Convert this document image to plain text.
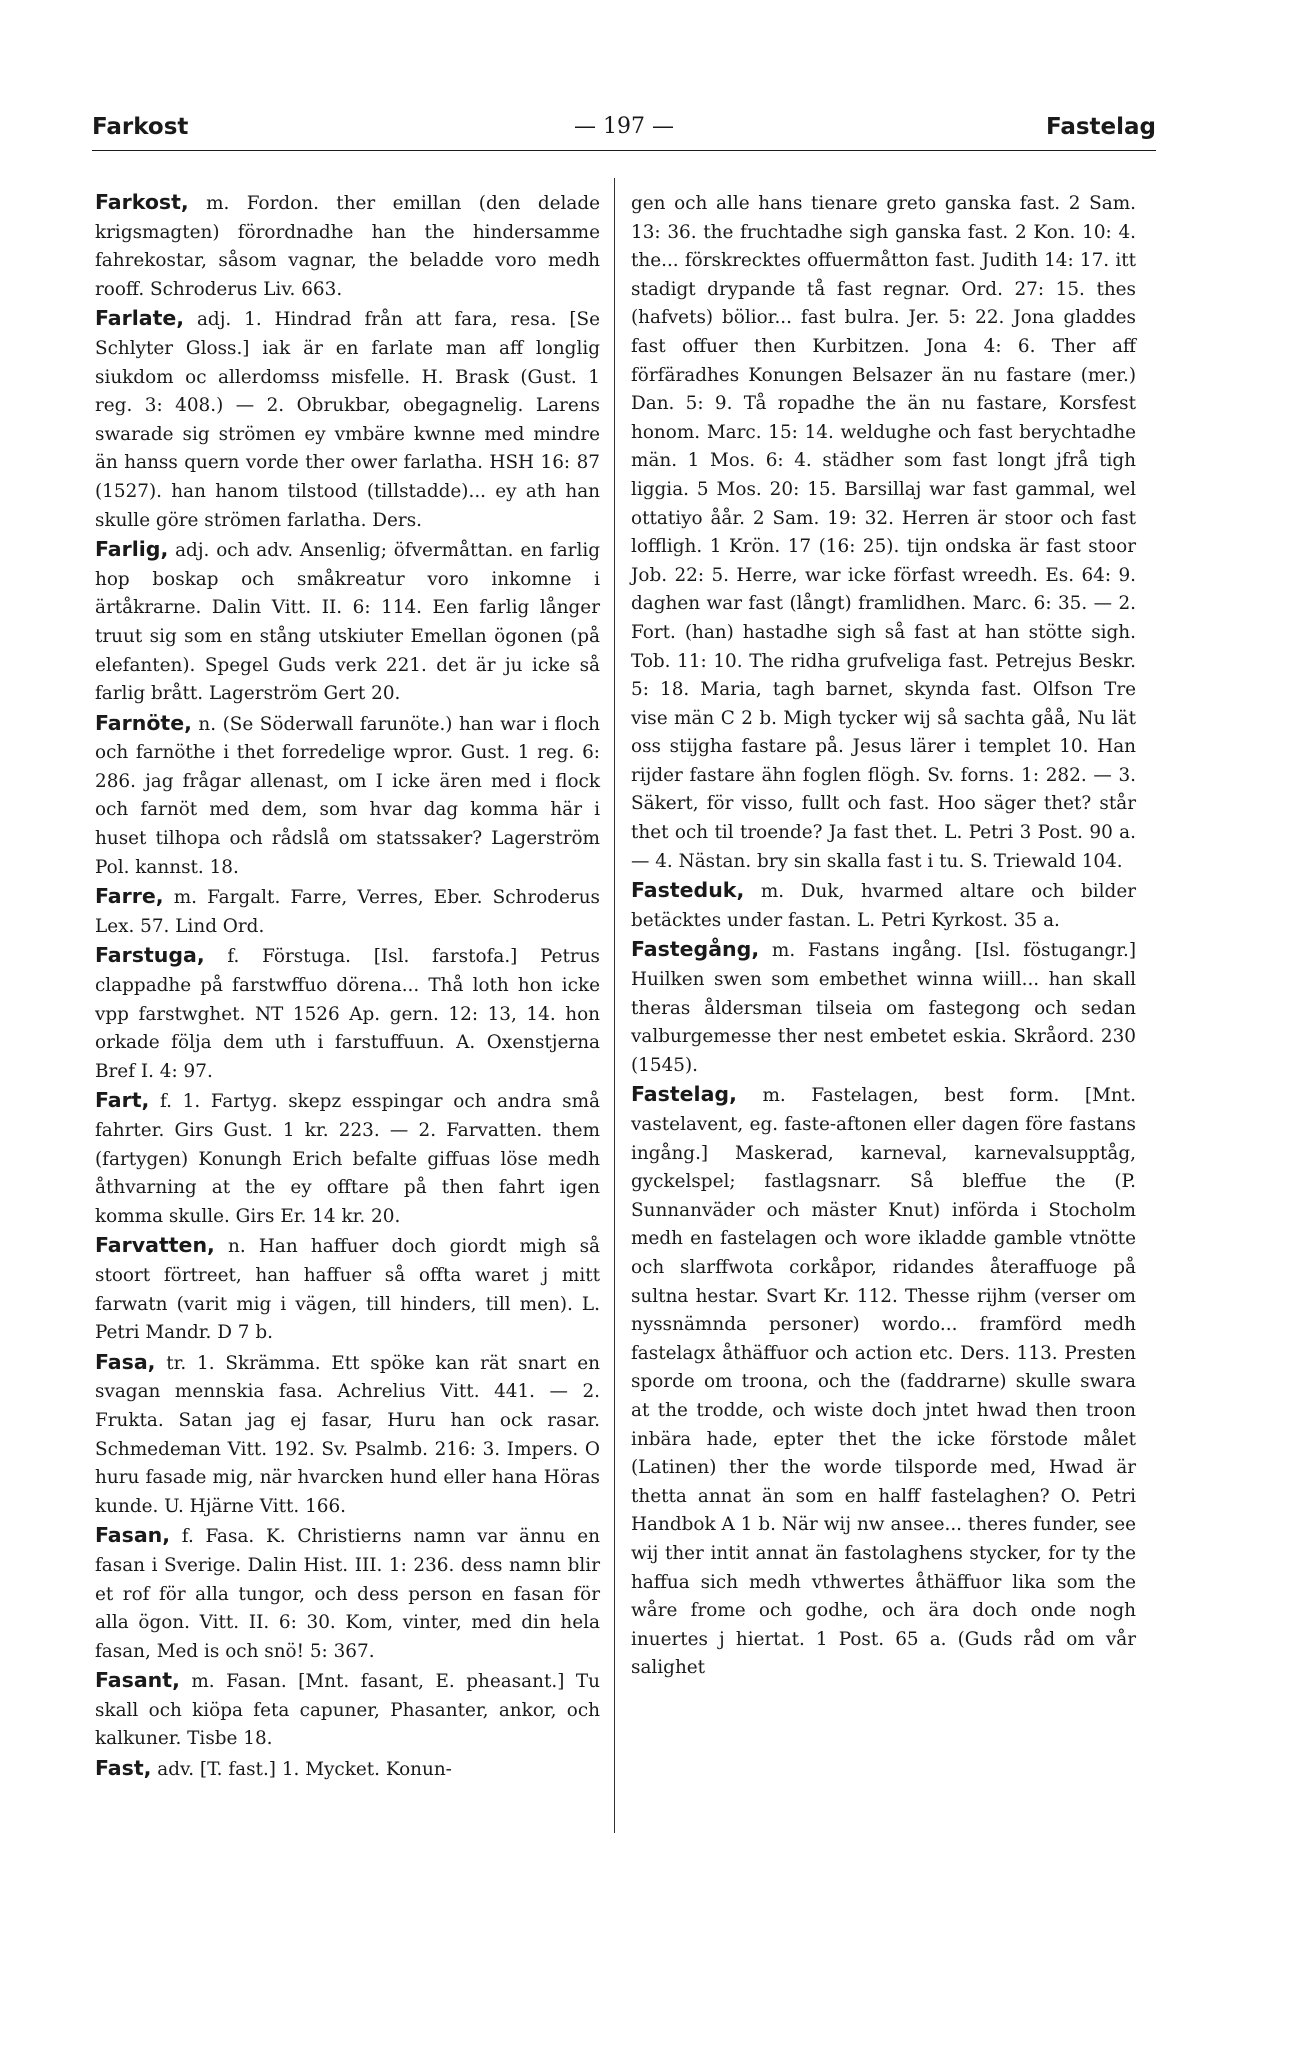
Farkost	— 197 —	Fastelag

Farkost, m. Fordon. ther emillan (den delade krigsmagten) förordnadhe han the hindersamme fahrekostar, såsom vagnar, the beladde voro medh rooff. Schroderus Liv. 663.

Farlate, adj. 1. Hindrad från att fara, resa. [Se Schlyter Gloss.] iak är en farlate man aff longlig siukdom oc allerdomss misfelle. H. Brask (Gust. 1 reg. 3: 408.) — 2. Obrukbar, obegagnelig. Larens swarade sig strömen ey vmbäre kwnne med mindre än hanss quern vorde ther ower farlatha. HSH 16: 87 (1527). han hanom tilstood (tillstadde)... ey ath han skulle göre strömen farlatha. Ders.

Farlig, adj. och adv. Ansenlig; öfvermåttan. en farlig hop boskap och småkreatur voro inkomne i ärtåkrarne. Dalin Vitt. II. 6: 114. Een farlig långer truut sig som en stång utskiuter Emellan ögonen (på elefanten). Spegel Guds verk 221. det är ju icke så farlig brått. Lagerström Gert 20.

Farnöte, n. (Se Söderwall farunöte.) han war i floch och farnöthe i thet forredelige wpror. Gust. 1 reg. 6: 286. jag frågar allenast, om I icke ären med i flock och farnöt med dem, som hvar dag komma här i huset tilhopa och rådslå om statssaker? Lagerström Pol. kannst. 18.

Farre, m. Fargalt. Farre, Verres, Eber. Schroderus Lex. 57. Lind Ord.

Farstuga, f. Förstuga. [Isl. farstofa.] Petrus clappadhe på farstwffuo dörena... Thå loth hon icke vpp farstwghet. NT 1526 Ap. gern. 12: 13, 14. hon orkade följa dem uth i farstuffuun. A. Oxenstjerna Bref I. 4: 97.

Fart, f. 1. Fartyg. skepz esspingar och andra små fahrter. Girs Gust. 1 kr. 223. — 2. Farvatten. them (fartygen) Konungh Erich befalte giffuas löse medh åthvarning at the ey offtare på then fahrt igen komma skulle. Girs Er. 14 kr. 20.

Farvatten, n. Han haffuer doch giordt migh så stoort förtreet, han haffuer så offta waret j mitt farwatn (varit mig i vägen, till hinders, till men). L. Petri Mandr. D 7 b.

Fasa, tr. 1. Skrämma. Ett spöke kan rät snart en svagan mennskia fasa. Achrelius Vitt. 441. — 2. Frukta. Satan jag ej fasar, Huru han ock rasar. Schmedeman Vitt. 192. Sv. Psalmb. 216: 3. Impers. O huru fasade mig, när hvarcken hund eller hana Höras kunde. U. Hjärne Vitt. 166.

Fasan, f. Fasa. K. Christierns namn var ännu en fasan i Sverige. Dalin Hist. III. 1: 236. dess namn blir et rof för alla tungor, och dess person en fasan för alla ögon. Vitt. II. 6: 30. Kom, vinter, med din hela fasan, Med is och snö! 5: 367.

Fasant, m. Fasan. [Mnt. fasant, E. pheasant.] Tu skall och kiöpa feta capuner, Phasanter, ankor, och kalkuner. Tisbe 18.

Fast, adv. [T. fast.] 1. Mycket. Konun-

gen och alle hans tienare greto ganska fast. 2 Sam. 13: 36. the fruchtadhe sigh ganska fast. 2 Kon. 10: 4. the... förskrecktes offuermåtton fast. Judith 14: 17. itt stadigt drypande tå fast regnar. Ord. 27: 15. thes (hafvets) bölior... fast bulra. Jer. 5: 22. Jona gladdes fast offuer then Kurbitzen. Jona 4: 6. Ther aff förfäradhes Konungen Belsazer än nu fastare (mer.) Dan. 5: 9. Tå ropadhe the än nu fastare, Korsfest honom. Marc. 15: 14. weldughe och fast berychtadhe män. 1 Mos. 6: 4. städher som fast longt jfrå tigh liggia. 5 Mos. 20: 15. Barsillaj war fast gammal, wel ottatiyo åår. 2 Sam. 19: 32. Herren är stoor och fast loffligh. 1 Krön. 17 (16: 25). tijn ondska är fast stoor Job. 22: 5. Herre, war icke förfast wreedh. Es. 64: 9. daghen war fast (långt) framlidhen. Marc. 6: 35. — 2. Fort. (han) hastadhe sigh så fast at han stötte sigh. Tob. 11: 10. The ridha grufveliga fast. Petrejus Beskr. 5: 18. Maria, tagh barnet, skynda fast. Olfson Tre vise män C 2 b. Migh tycker wij så sachta gåå, Nu lät oss stijgha fastare på. Jesus lärer i templet 10. Han rijder fastare ähn foglen flögh. Sv. forns. 1: 282. — 3. Säkert, för visso, fullt och fast. Hoo säger thet? står thet och til troende? Ja fast thet. L. Petri 3 Post. 90 a. — 4. Nästan. bry sin skalla fast i tu. S. Triewald 104.

Fasteduk, m. Duk, hvarmed altare och bilder betäcktes under fastan. L. Petri Kyrkost. 35 a.

Fastegång, m. Fastans ingång. [Isl. föstugangr.] Huilken swen som embethet winna wiill... han skall theras åldersman tilseia om fastegong och sedan valburgemesse ther nest embetet eskia. Skråord. 230 (1545).

Fastelag, m. Fastelagen, best form. [Mnt. vastelavent, eg. faste-aftonen eller dagen före fastans ingång.] Maskerad, karneval, karnevalsupptåg, gyckelspel; fastlagsnarr. Så bleffue the (P. Sunnanväder och mäster Knut) införda i Stocholm medh en fastelagen och wore ikladde gamble vtnötte och slarffwota corkåpor, ridandes återaffuoge på sultna hestar. Svart Kr. 112. Thesse rijhm (verser om nyssnämnda personer) wordo... framförd medh fastelagx åthäffuor och action etc. Ders. 113. Presten sporde om troona, och the (faddrarne) skulle swara at the trodde, och wiste doch jntet hwad then troon inbära hade, epter thet the icke förstode målet (Latinen) ther the worde tilsporde med, Hwad är thetta annat än som en halff fastelaghen? O. Petri Handbok A 1 b. När wij nw ansee... theres funder, see wij ther intit annat än fastolaghens stycker, for ty the haffua sich medh vthwertes åthäffuor lika som the wåre frome och godhe, och ära doch onde nogh inuertes j hiertat. 1 Post. 65 a. (Guds råd om vår salighet
